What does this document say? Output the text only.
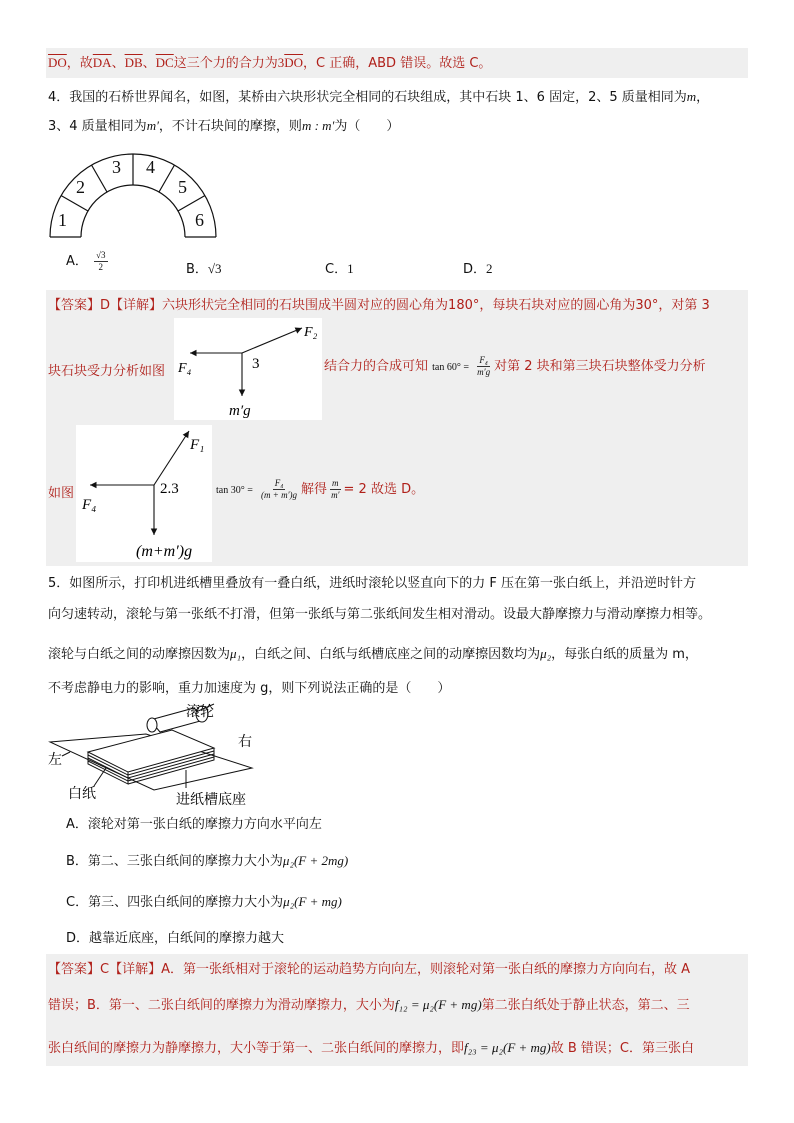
$\overline{DO}$，故$\overline{DA}$、$\overline{DB}$、$\overline{DC}$这三个力的合力为$3\overline{DO}$，C 正确，ABD 错误。故选 C。
4．我国的石桥世界闻名，如图，某桥由六块形状完全相同的石块组成，其中石块 1、6 固定，2、5 质量相同为m，
3、4 质量相同为m′，不计石块间的摩擦，则m : m′为（　　）
1
2
3 4
5
6
A． $\frac{√3}{2}$	B．√3	C．1	D．2
【答案】D【详解】六块形状完全相同的石块围成半圆对应的圆心角为180°，每块石块对应的圆心角为30°，对第 3
F₂
F₄	3
m′g
块石块受力分析如图	结合力的合成可知 $\tan 60^\circ = \frac{\text{F₄}}{m'g}$ 对第 2 块和第三块石块整体受力分析
F₁
F₄
2.3
(m+m′)g
如图	$\tan 30^\circ = \frac{\text{F₄}}{(m + m')g}$ 解得 $\frac{m}{m'} = 2$ 故选 D。
5．如图所示，打印机进纸槽里叠放有一叠白纸，进纸时滚轮以竖直向下的力 F 压在第一张白纸上，并沿逆时针方
向匀速转动，滚轮与第一张纸不打滑，但第一张纸与第二张纸间发生相对滑动。设最大静摩擦力与滑动摩擦力相等。
滚轮与白纸之间的动摩擦因数为μ₁，白纸之间、白纸与纸槽底座之间的动摩擦因数均为μ₂，每张白纸的质量为 m，
不考虑静电力的影响，重力加速度为 g，则下列说法正确的是（　　）
滚轮
右
左
白纸	进纸槽底座
A．滚轮对第一张白纸的摩擦力方向水平向左
B．第二、三张白纸间的摩擦力大小为μ₂(F + 2mg)
C．第三、四张白纸间的摩擦力大小为μ₂(F + mg)
D．越靠近底座，白纸间的摩擦力越大
【答案】C【详解】A．第一张纸相对于滚轮的运动趋势方向向左，则滚轮对第一张白纸的摩擦力方向向右，故 A
错误；B．第一、二张白纸间的摩擦力为滑动摩擦力，大小为f₁₂ = μ₂(F + mg)第二张白纸处于静止状态，第二、三
张白纸间的摩擦力为静摩擦力，大小等于第一、二张白纸间的摩擦力，即f₂₃ = μ₂(F + mg)故 B 错误；C．第三张白
